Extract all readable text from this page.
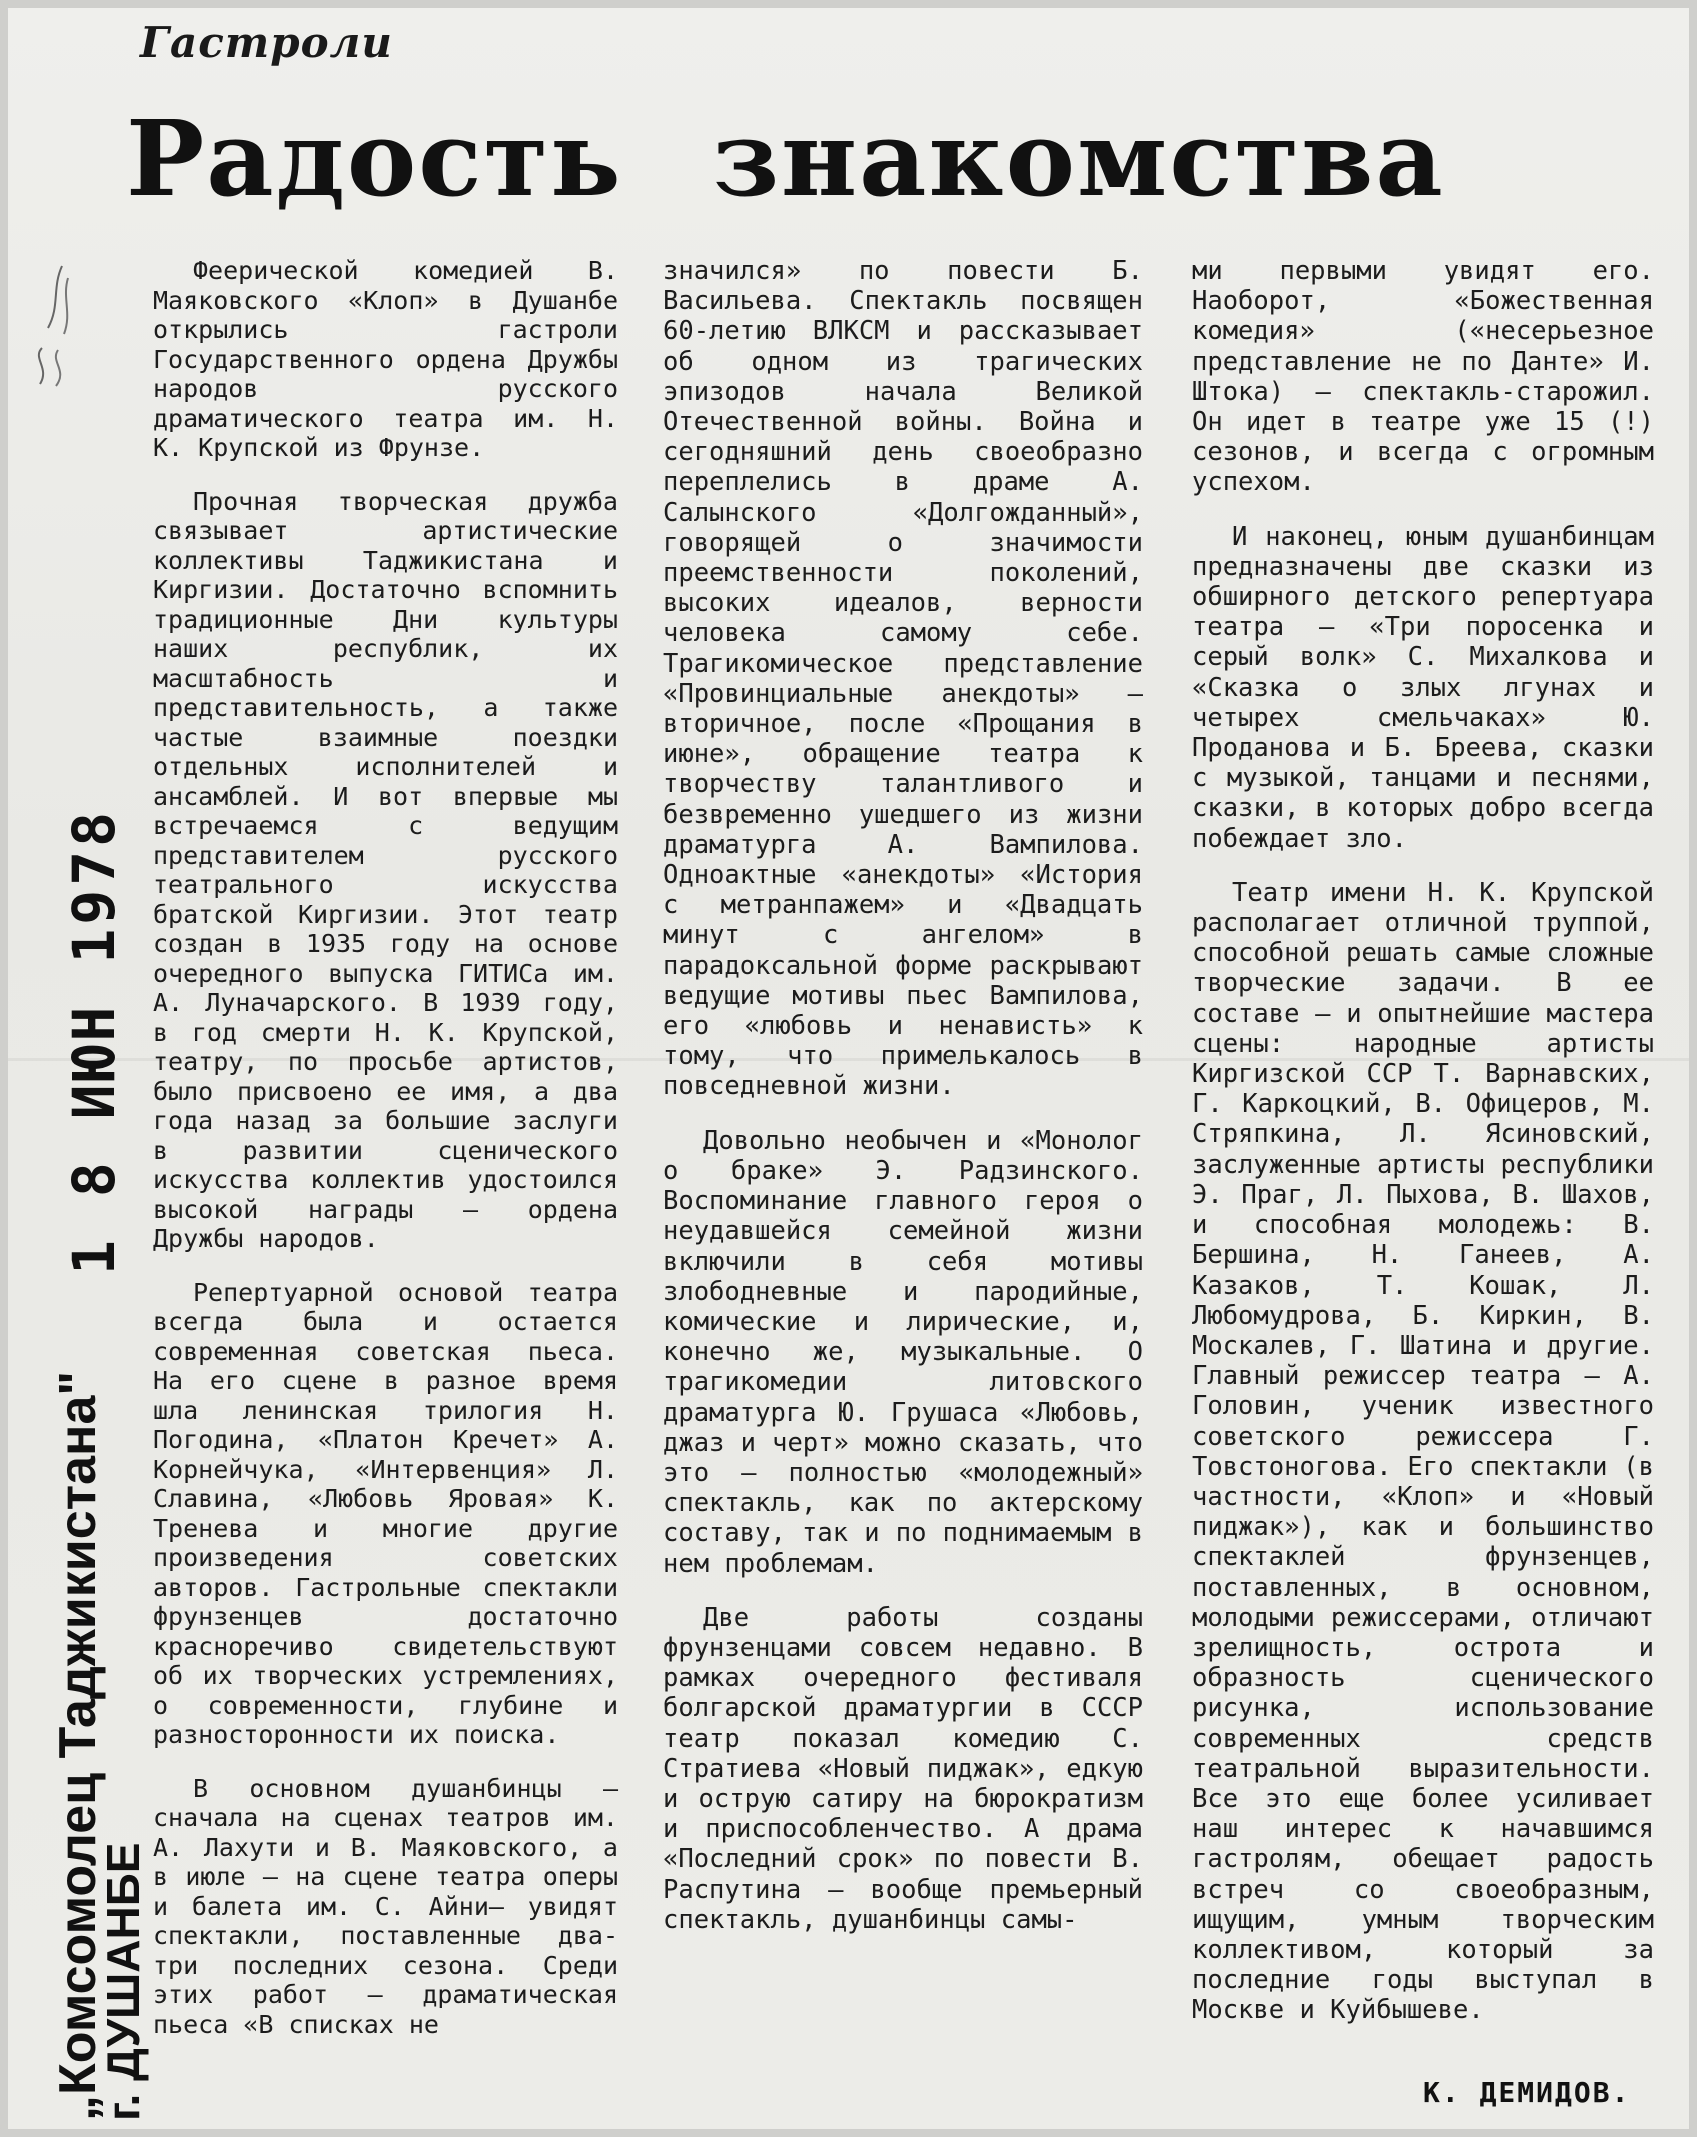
Гастроли
Радость знакомства

Феерической комедией В. Маяковского «Клоп» в Душанбе открылись гастроли Государственного ордена Дружбы народов русского драматического театра им. Н. К. Крупской из Фрунзе.

Прочная творческая дружба связывает артистические коллективы Таджикистана и Киргизии. Достаточно вспомнить традиционные Дни культуры наших республик, их масштабность и представительность, а также частые взаимные поездки отдельных исполнителей и ансамблей. И вот впервые мы встречаемся с ведущим представителем русского театрального искусства братской Киргизии. Этот театр создан в 1935 году на основе очередного выпуска ГИТИСа им. А. Луначарского. В 1939 году, в год смерти Н. К. Крупской, театру, по просьбе артистов, было присвоено ее имя, а два года назад за большие заслуги в развитии сценического искусства коллектив удостоился высокой награды — ордена Дружбы народов.

Репертуарной основой театра всегда была и остается современная советская пьеса. На его сцене в разное время шла ленинская трилогия Н. Погодина, «Платон Кречет» А. Корнейчука, «Интервенция» Л. Славина, «Любовь Яровая» К. Тренева и многие другие произведения советских авторов. Гастрольные спектакли фрунзенцев достаточно красноречиво свидетельствуют об их творческих устремлениях, о современности, глубине и разносторонности их поиска.

В основном душанбинцы — сначала на сценах театров им. А. Лахути и В. Маяковского, а в июле — на сцене театра оперы и балета им. С. Айни— увидят спектакли, поставленные два-три последних сезона. Среди этих работ — драматическая пьеса «В списках не

значился» по повести Б. Васильева. Спектакль посвящен 60-летию ВЛКСМ и рассказывает об одном из трагических эпизодов начала Великой Отечественной войны. Война и сегодняшний день своеобразно переплелись в драме А. Салынского «Долгожданный», говорящей о значимости преемственности поколений, высоких идеалов, верности человека самому себе. Трагикомическое представление «Провинциальные анекдоты» — вторичное, после «Прощания в июне», обращение театра к творчеству талантливого и безвременно ушедшего из жизни драматурга А. Вампилова. Одноактные «анекдоты» «История с метранпажем» и «Двадцать минут с ангелом» в парадоксальной форме раскрывают ведущие мотивы пьес Вампилова, его «любовь и ненависть» к тому, что примелькалось в повседневной жизни.

Довольно необычен и «Монолог о браке» Э. Радзинского. Воспоминание главного героя о неудавшейся семейной жизни включили в себя мотивы злободневные и пародийные, комические и лирические, и, конечно же, музыкальные. О трагикомедии литовского драматурга Ю. Грушаса «Любовь, джаз и черт» можно сказать, что это — полностью «молодежный» спектакль, как по актерскому составу, так и по поднимаемым в нем проблемам.

Две работы созданы фрунзенцами совсем недавно. В рамках очередного фестиваля болгарской драматургии в СССР театр показал комедию С. Стратиева «Новый пиджак», едкую и острую сатиру на бюрократизм и приспособленчество. А драма «Последний срок» по повести В. Распутина — вообще премьерный спектакль, душанбинцы самы-

ми первыми увидят его. Наоборот, «Божественная комедия» («несерьезное представление не по Данте» И. Штока) — спектакль-старожил. Он идет в театре уже 15 (!) сезонов, и всегда с огромным успехом.

И наконец, юным душанбинцам предназначены две сказки из обширного детского репертуара театра — «Три поросенка и серый волк» С. Михалкова и «Сказка о злых лгунах и четырех смельчаках» Ю. Проданова и Б. Бреева, сказки с музыкой, танцами и песнями, сказки, в которых добро всегда побеждает зло.

Театр имени Н. К. Крупской располагает отличной труппой, способной решать самые сложные творческие задачи. В ее составе — и опытнейшие мастера сцены: народные артисты Киргизской ССР Т. Варнавских, Г. Каркоцкий, В. Офицеров, М. Стряпкина, Л. Ясиновский, заслуженные артисты республики Э. Праг, Л. Пыхова, В. Шахов, и способная молодежь: В. Бершина, Н. Ганеев, А. Казаков, Т. Кошак, Л. Любомудрова, Б. Киркин, В. Москалев, Г. Шатина и другие. Главный режиссер театра — А. Головин, ученик известного советского режиссера Г. Товстоногова. Его спектакли (в частности, «Клоп» и «Новый пиджак»), как и большинство спектаклей фрунзенцев, поставленных, в основном, молодыми режиссерами, отличают зрелищность, острота и образность сценического рисунка, использование современных средств театральной выразительности. Все это еще более усиливает наш интерес к начавшимся гастролям, обещает радость встреч со своеобразным, ищущим, умным творческим коллективом, который за последние годы выступал в Москве и Куйбышеве.

К. ДЕМИДОВ.
1 8 ИЮН 1978
„Комсомолец Таджикистана"
г. ДУШАНБЕ
